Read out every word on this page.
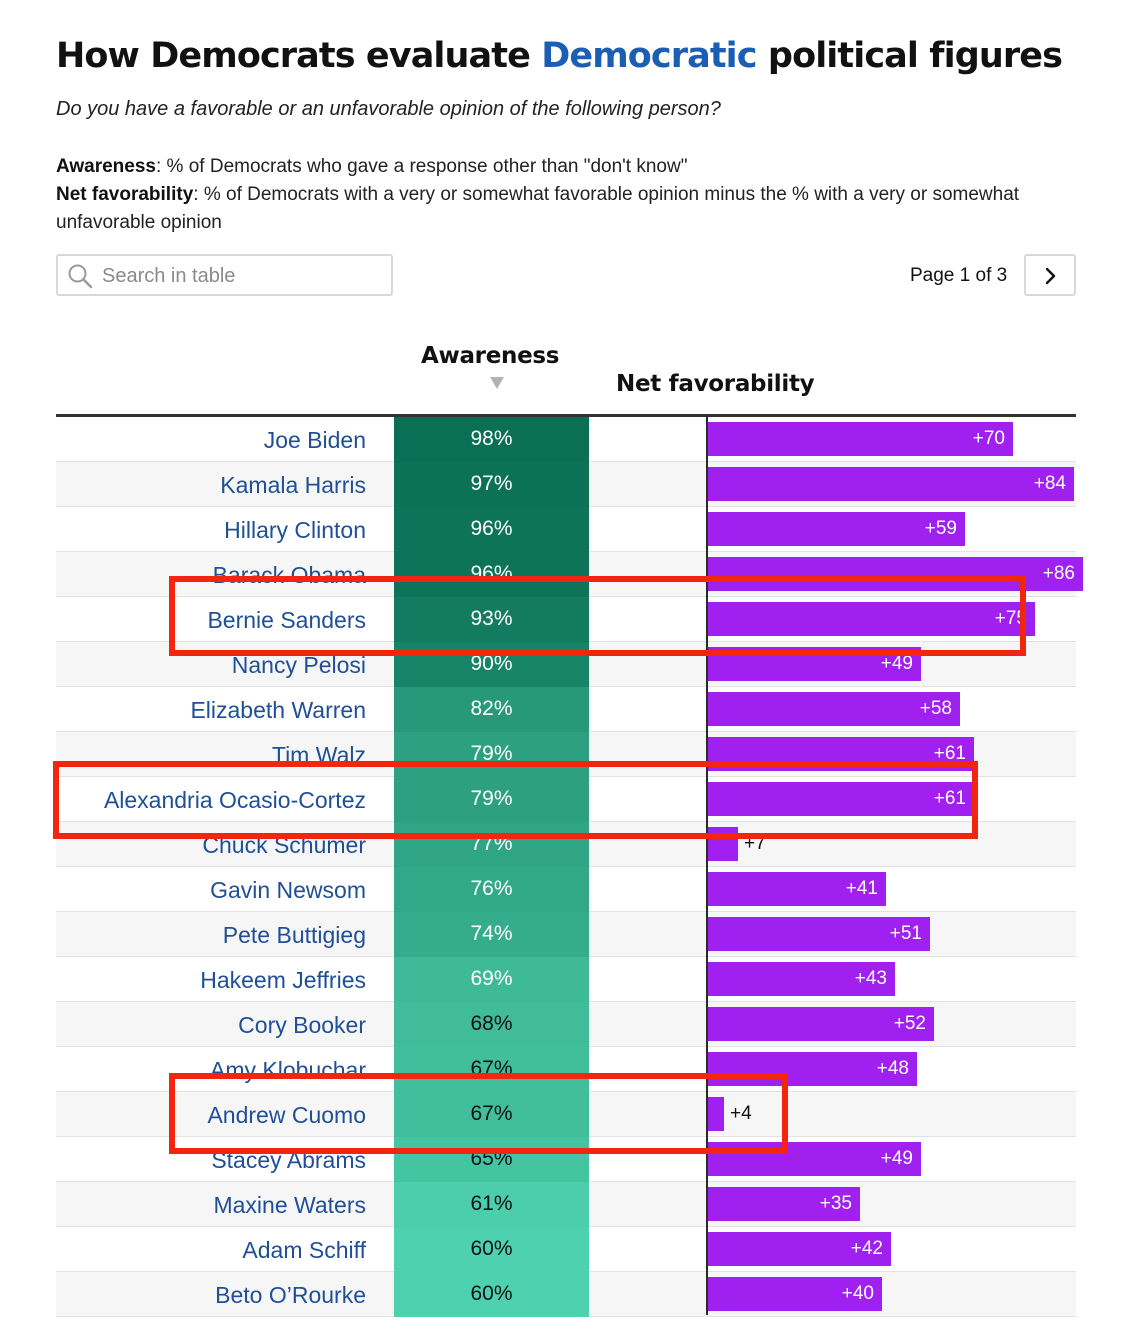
How Democrats evaluate Democratic political figures
Do you have a favorable or an unfavorable opinion of the following person?
Awareness: % of Democrats who gave a response other than "don't know"
Net favorability: % of Democrats with a very or somewhat favorable opinion minus the % with a very or somewhat unfavorable opinion
Search in table	Page 1 of 3
Awareness
Net favorability
Joe Biden	98%	+70
Kamala Harris	97%	+84
Hillary Clinton	96%	+59
Barack Obama	96%	+86
Bernie Sanders	93%	+75
Nancy Pelosi	90%	+49
Elizabeth Warren	82%	+58
Tim Walz	79%	+61
Alexandria Ocasio-Cortez	79%	+61
Chuck Schumer	77%	+7
Gavin Newsom	76%	+41
Pete Buttigieg	74%	+51
Hakeem Jeffries	69%	+43
Cory Booker	68%	+52
Amy Klobuchar	67%	+48
Andrew Cuomo	67%	+4
Stacey Abrams	65%	+49
Maxine Waters	61%	+35
Adam Schiff	60%	+42
Beto O’Rourke	60%	+40
